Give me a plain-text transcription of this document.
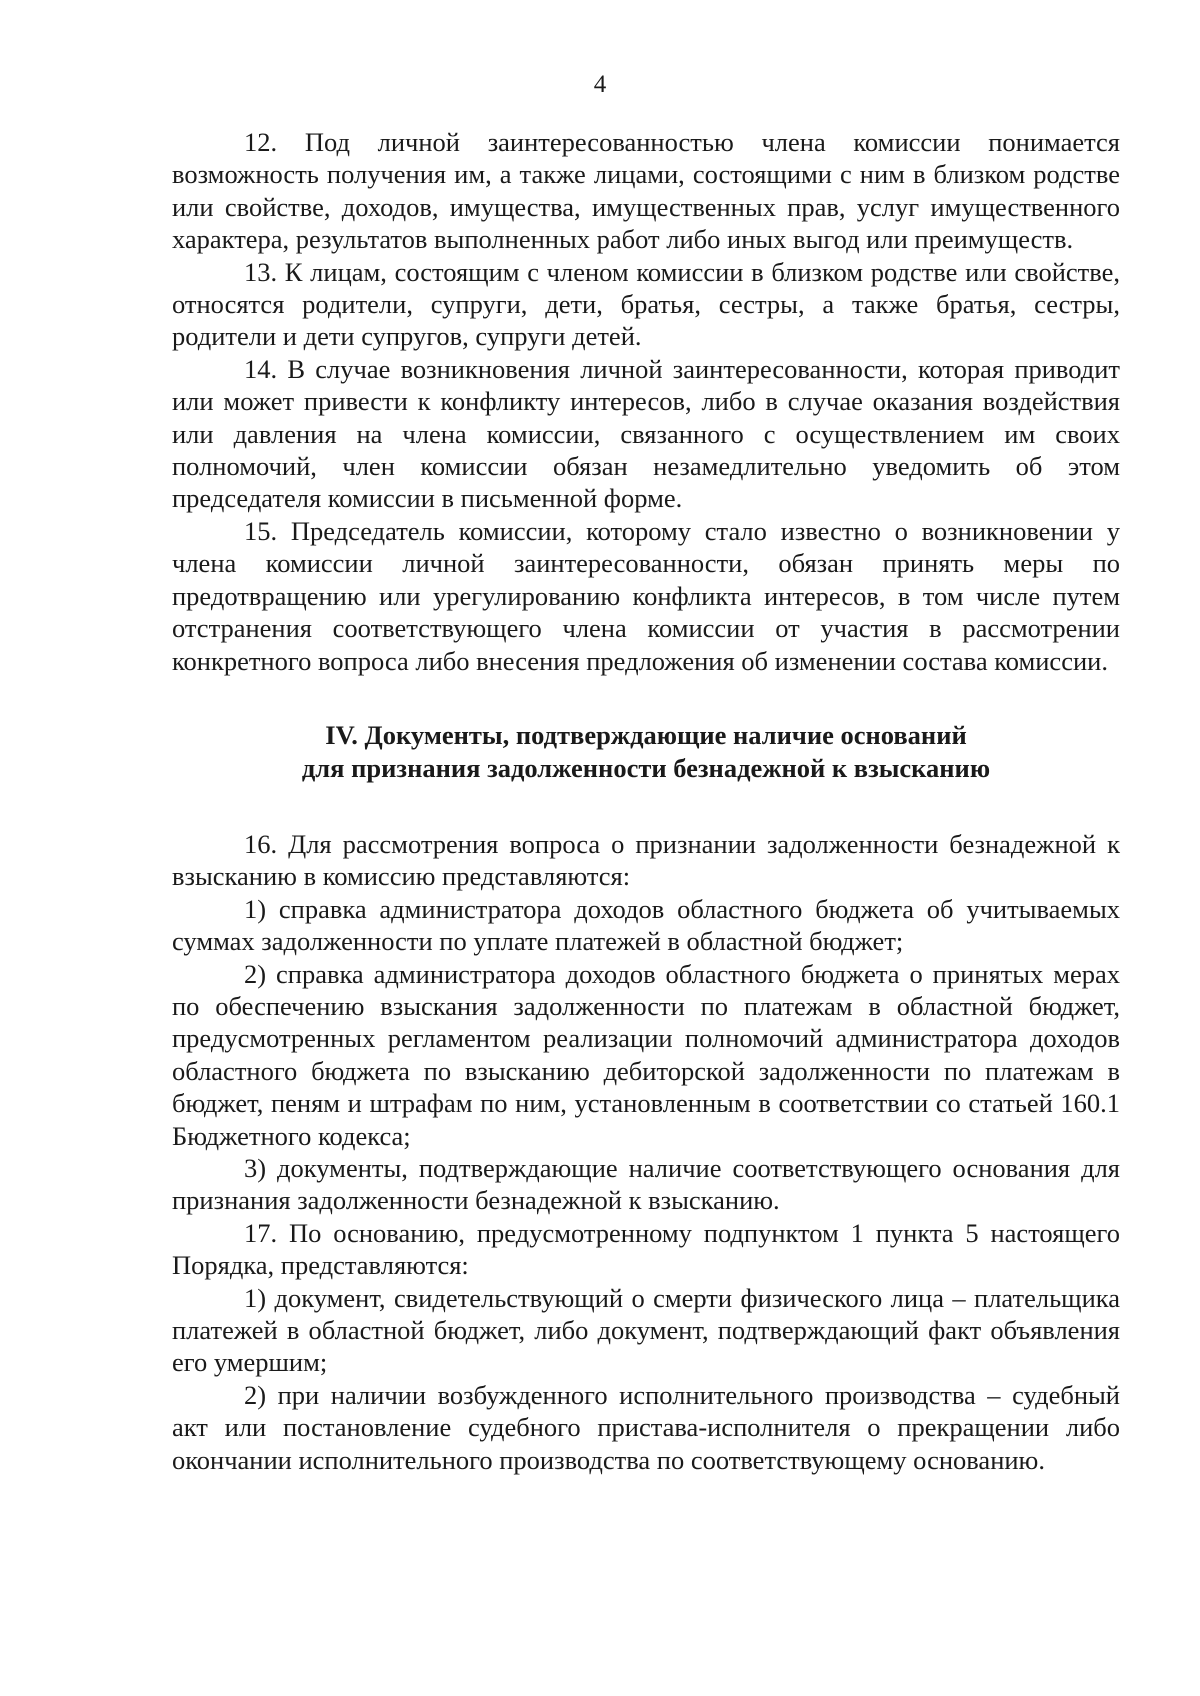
4

12. Под личной заинтересованностью члена комиссии понимается возможность получения им, а также лицами, состоящими с ним в близком родстве или свойстве, доходов, имущества, имущественных прав, услуг имущественного характера, результатов выполненных работ либо иных выгод или преимуществ.

13. К лицам, состоящим с членом комиссии в близком родстве или свойстве, относятся родители, супруги, дети, братья, сестры, а также братья, сестры, родители и дети супругов, супруги детей.

14. В случае возникновения личной заинтересованности, которая приводит или может привести к конфликту интересов, либо в случае оказания воздействия или давления на члена комиссии, связанного с осуществлением им своих полномочий, член комиссии обязан незамедлительно уведомить об этом председателя комиссии в письменной форме.

15. Председатель комиссии, которому стало известно о возникновении у члена комиссии личной заинтересованности, обязан принять меры по предотвращению или урегулированию конфликта интересов, в том числе путем отстранения соответствующего члена комиссии от участия в рассмотрении конкретного вопроса либо внесения предложения об изменении состава комиссии.

IV. Документы, подтверждающие наличие оснований
для признания задолженности безнадежной к взысканию

16. Для рассмотрения вопроса о признании задолженности безнадежной к взысканию в комиссию представляются:

1) справка администратора доходов областного бюджета об учитываемых суммах задолженности по уплате платежей в областной бюджет;

2) справка администратора доходов областного бюджета о принятых мерах по обеспечению взыскания задолженности по платежам в областной бюджет, предусмотренных регламентом реализации полномочий администратора доходов областного бюджета по взысканию дебиторской задолженности по платежам в бюджет, пеням и штрафам по ним, установленным в соответствии со статьей 160.1 Бюджетного кодекса;

3) документы, подтверждающие наличие соответствующего основания для признания задолженности безнадежной к взысканию.

17. По основанию, предусмотренному подпунктом 1 пункта 5 настоящего Порядка, представляются:

1) документ, свидетельствующий о смерти физического лица – плательщика платежей в областной бюджет, либо документ, подтверждающий факт объявления его умершим;

2) при наличии возбужденного исполнительного производства – судебный акт или постановление судебного пристава-исполнителя о прекращении либо окончании исполнительного производства по соответствующему основанию.
